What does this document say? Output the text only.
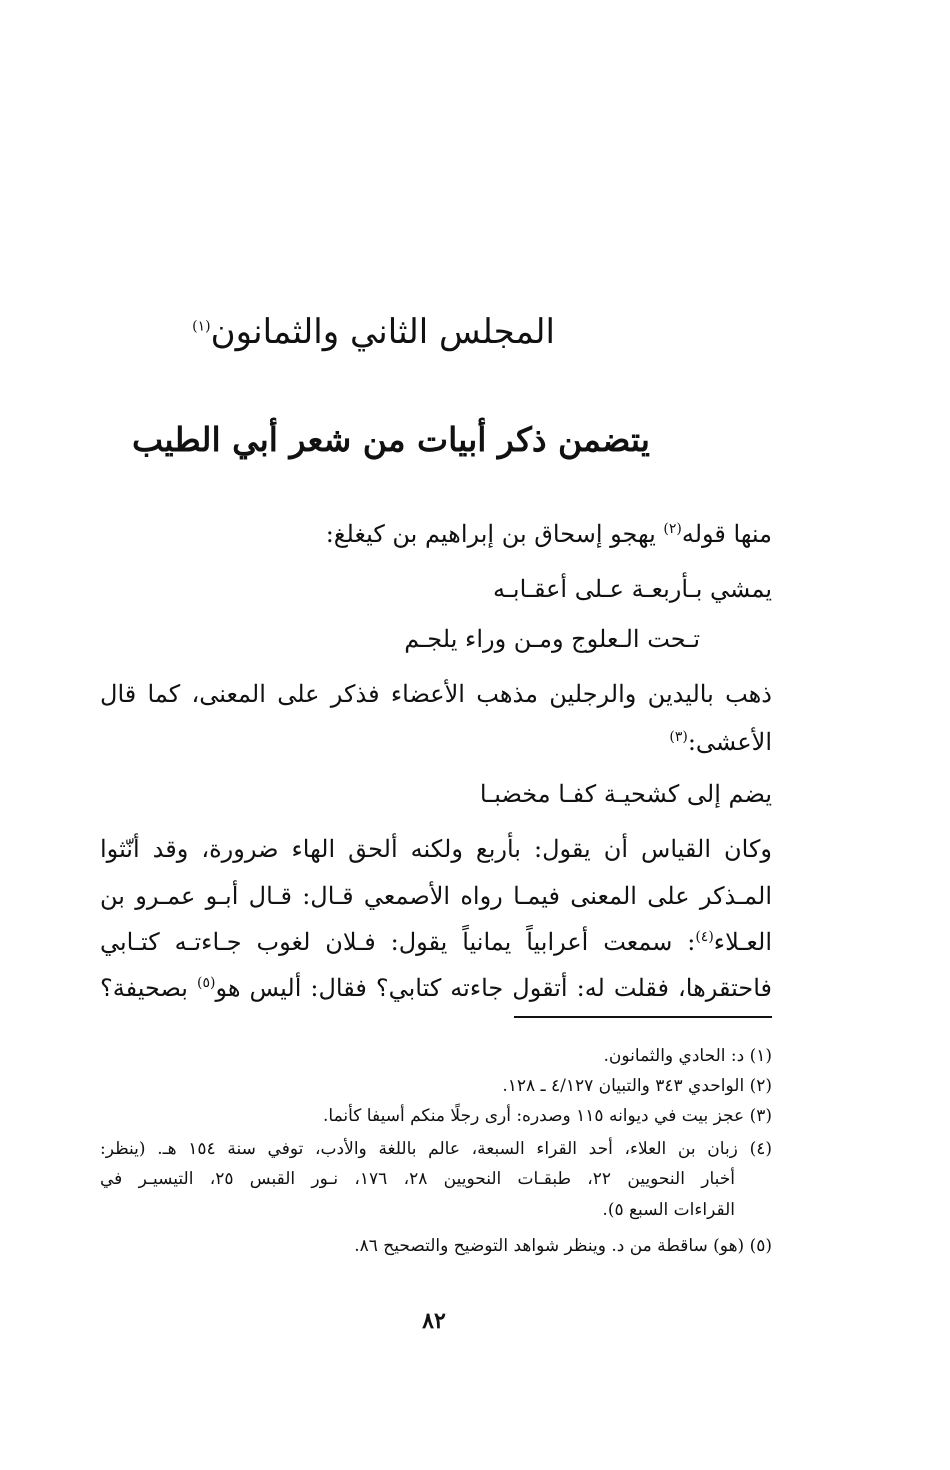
المجلس الثاني والثمانون$^{(١)}$
يتضمن ذكر أبيات من شعر أبي الطيب
منها قوله$^{(٢)}$ يهجو إسحاق بن إبراهيم بن كيغلغ:
يمشي بـأربعـة عـلى أعقـابـه
تـحت الـعلوج ومـن وراء يلجـم
ذهب باليدين والرجلين مذهب الأعضاء فذكر على المعنى، كما قال
الأعشى:$^{(٣)}$
يضم إلى كشحيـة كفـا مخضبـا
وكان القياس أن يقول: بأربع ولكنه ألحق الهاء ضرورة، وقد أنّثوا
المـذكر على المعنى فيمـا رواه الأصمعي قـال: قـال أبـو عمـرو بن
العـلاء$^{(٤)}$: سمعت أعرابياً يمانياً يقول: فـلان لغوب جـاءتـه كتـابي
فاحتقرها، فقلت له: أتقول جاءته كتابي؟ فقال: أليس هو$^{(٥)}$ بصحيفة؟
(١) د: الحادي والثمانون.
(٢) الواحدي ٣٤٣ والتبيان ٤/١٢٧ ـ ١٢٨.
(٣) عجز بيت في ديوانه ١١٥ وصدره: أرى رجلًا منكم أسيفا كأنما.
(٤) زبان بن العلاء، أحد القراء السبعة، عالم باللغة والأدب، توفي سنة ١٥٤ هـ. (ينظر:
أخبار النحويين ٢٢، طبقـات النحويين ٢٨، ١٧٦، نـور القبس ٢٥، التيسيـر في
القراءات السبع ٥).
(٥) (هو) ساقطة من د. وينظر شواهد التوضيح والتصحيح ٨٦.
٨٢
